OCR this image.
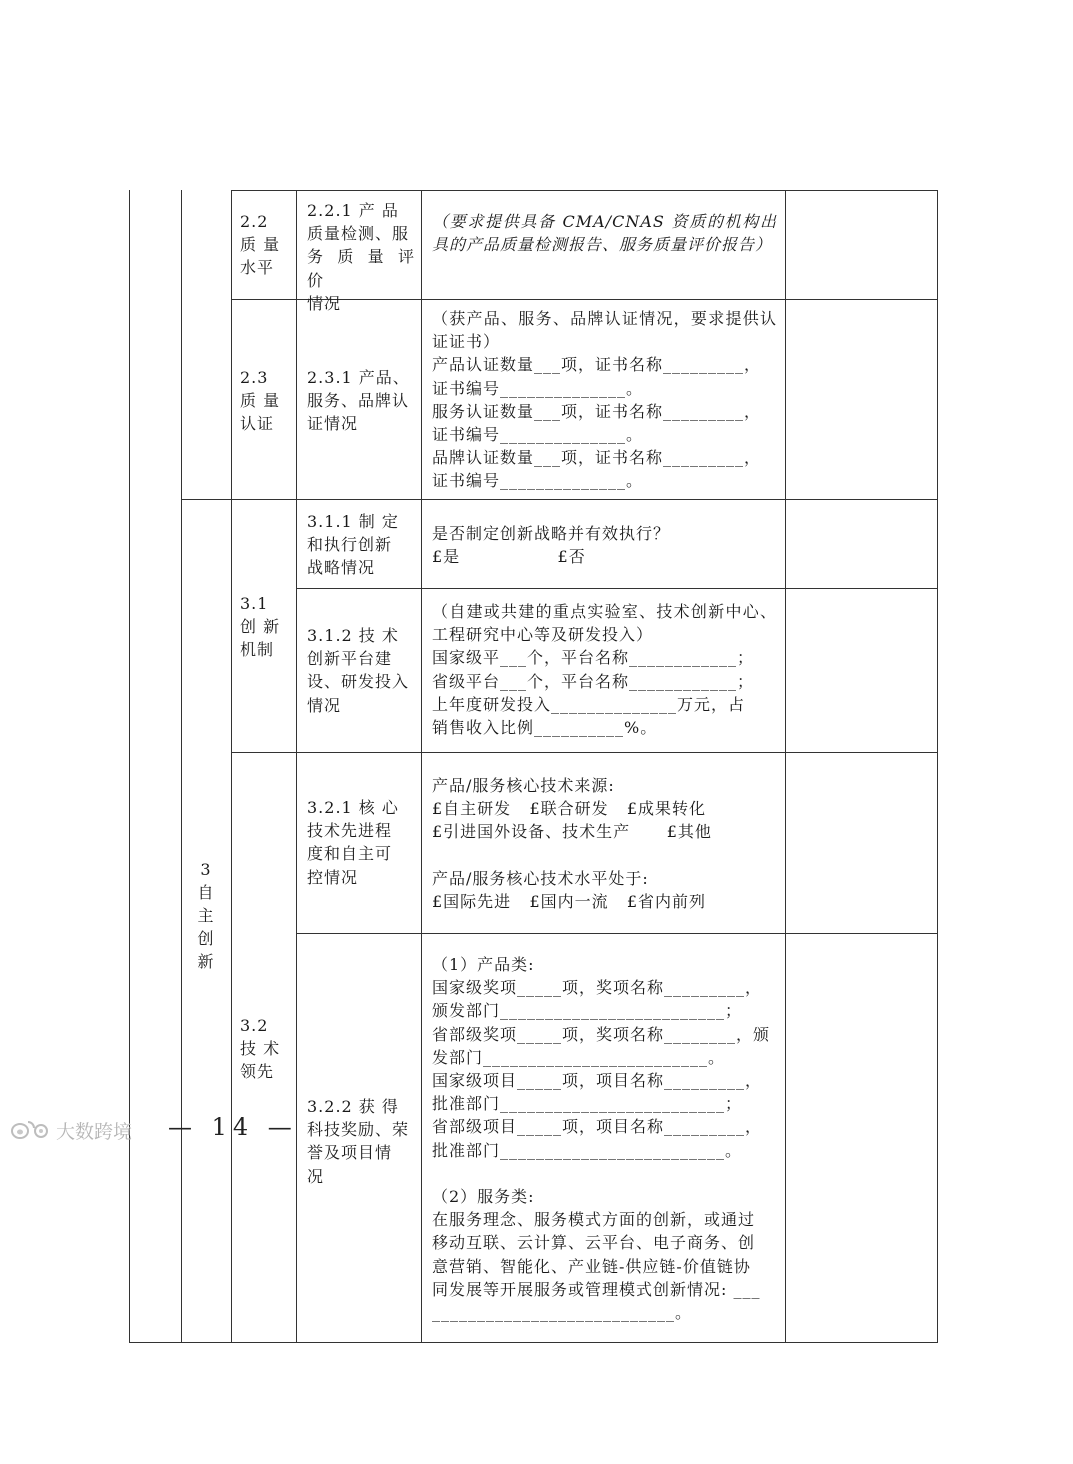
3
自
主
创
新
2.2
质 量
水平
2.2.1 产 品
质量检测、服
务 质 量 评 价
情况
（要求提供具备 CMA/CNAS 资质的机构出具的产品质量检测报告、服务质量评价报告）
2.3
质 量
认证
2.3.1 产品、
服务、品牌认
证情况
（获产品、服务、品牌认证情况，要求提供认证证书）
产品认证数量___项，证书名称_________，
证书编号______________。
服务认证数量___项，证书名称_________，
证书编号______________。
品牌认证数量___项，证书名称_________，
证书编号______________。
3.1.1 制 定
和执行创新
战略情况
是否制定创新战略并有效执行？
£是                £否
3.1
创 新
机制
3.1.2 技 术
创新平台建
设、研发投入
情况
（自建或共建的重点实验室、技术创新中心、工程研究中心等及研发投入）
国家级平___个，平台名称____________；
省级平台___个，平台名称____________；
上年度研发投入______________万元，占
销售收入比例__________%。
3.2.1 核 心
技术先进程
度和自主可
控情况
产品/服务核心技术来源:
£自主研发   £联合研发   £成果转化
£引进国外设备、技术生产      £其他

产品/服务核心技术水平处于:
£国际先进   £国内一流   £省内前列
3.2
技 术
领先
3.2.2 获 得
科技奖励、荣
誉及项目情
况
（1）产品类:
国家级奖项_____项，奖项名称_________，
颁发部门_________________________；
省部级奖项_____项，奖项名称________，颁
发部门_________________________。
国家级项目_____项，项目名称_________，
批准部门_________________________；
省部级项目_____项，项目名称_________，
批准部门_________________________。

（2）服务类:
在服务理念、服务模式方面的创新，或通过
移动互联、云计算、云平台、电子商务、创
意营销、智能化、产业链-供应链-价值链协
同发展等开展服务或管理模式创新情况: ___
___________________________。
大数跨境 — 14 —
